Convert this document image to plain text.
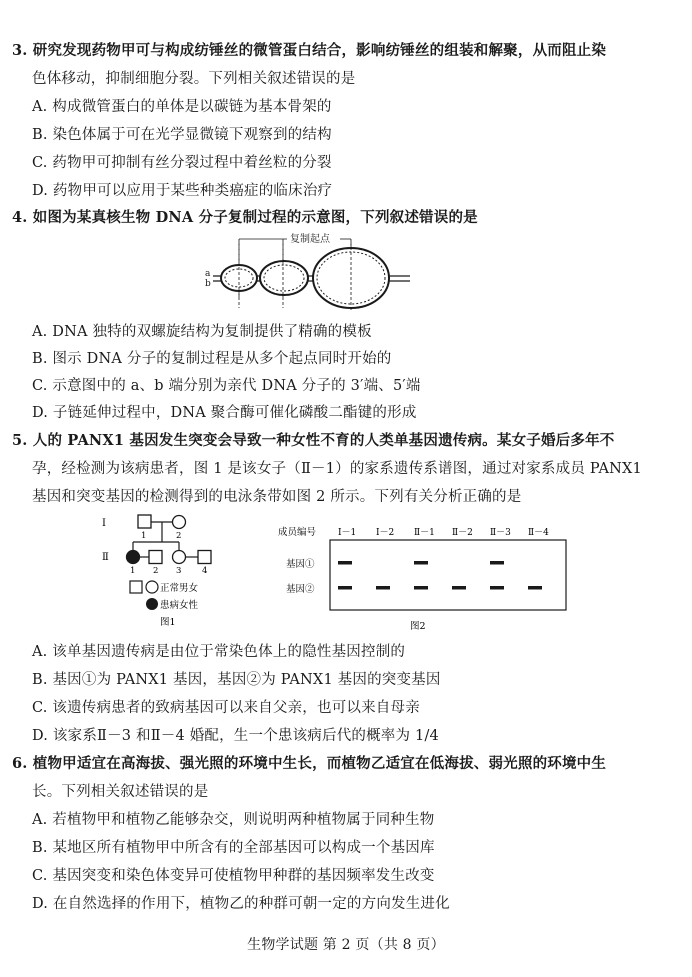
3. 研究发现药物甲可与构成纺锤丝的微管蛋白结合，影响纺锤丝的组装和解聚，从而阻止染
色体移动，抑制细胞分裂。下列相关叙述错误的是
A. 构成微管蛋白的单体是以碳链为基本骨架的
B. 染色体属于可在光学显微镜下观察到的结构
C. 药物甲可抑制有丝分裂过程中着丝粒的分裂
D. 药物甲可以应用于某些种类癌症的临床治疗
4. 如图为某真核生物 DNA 分子复制过程的示意图，下列叙述错误的是
复制起点
a
b
A. DNA 独特的双螺旋结构为复制提供了精确的模板
B. 图示 DNA 分子的复制过程是从多个起点同时开始的
C. 示意图中的 a、b 端分别为亲代 DNA 分子的 3′端、5′端
D. 子链延伸过程中，DNA 聚合酶可催化磷酸二酯键的形成
5. 人的 PANX1 基因发生突变会导致一种女性不育的人类单基因遗传病。某女子婚后多年不
孕，经检测为该病患者，图 1 是该女子（Ⅱ－1）的家系遗传系谱图，通过对家系成员 PANX1
基因和突变基因的检测得到的电泳条带如图 2 所示。下列有关分析正确的是
Ⅰ
Ⅱ
1	2
1 2 3 4
正常男女
患病女性
图1
成员编号 Ⅰ－1 Ⅰ－2 Ⅱ－1 Ⅱ－2 Ⅱ－3 Ⅱ－4
基因①
基因②
图2
A. 该单基因遗传病是由位于常染色体上的隐性基因控制的
B. 基因①为 PANX1 基因，基因②为 PANX1 基因的突变基因
C. 该遗传病患者的致病基因可以来自父亲，也可以来自母亲
D. 该家系Ⅱ－3 和Ⅱ－4 婚配，生一个患该病后代的概率为 1/4
6. 植物甲适宜在高海拔、强光照的环境中生长，而植物乙适宜在低海拔、弱光照的环境中生
长。下列相关叙述错误的是
A. 若植物甲和植物乙能够杂交，则说明两种植物属于同种生物
B. 某地区所有植物甲中所含有的全部基因可以构成一个基因库
C. 基因突变和染色体变异可使植物甲种群的基因频率发生改变
D. 在自然选择的作用下，植物乙的种群可朝一定的方向发生进化
生物学试题 第 2 页（共 8 页）
